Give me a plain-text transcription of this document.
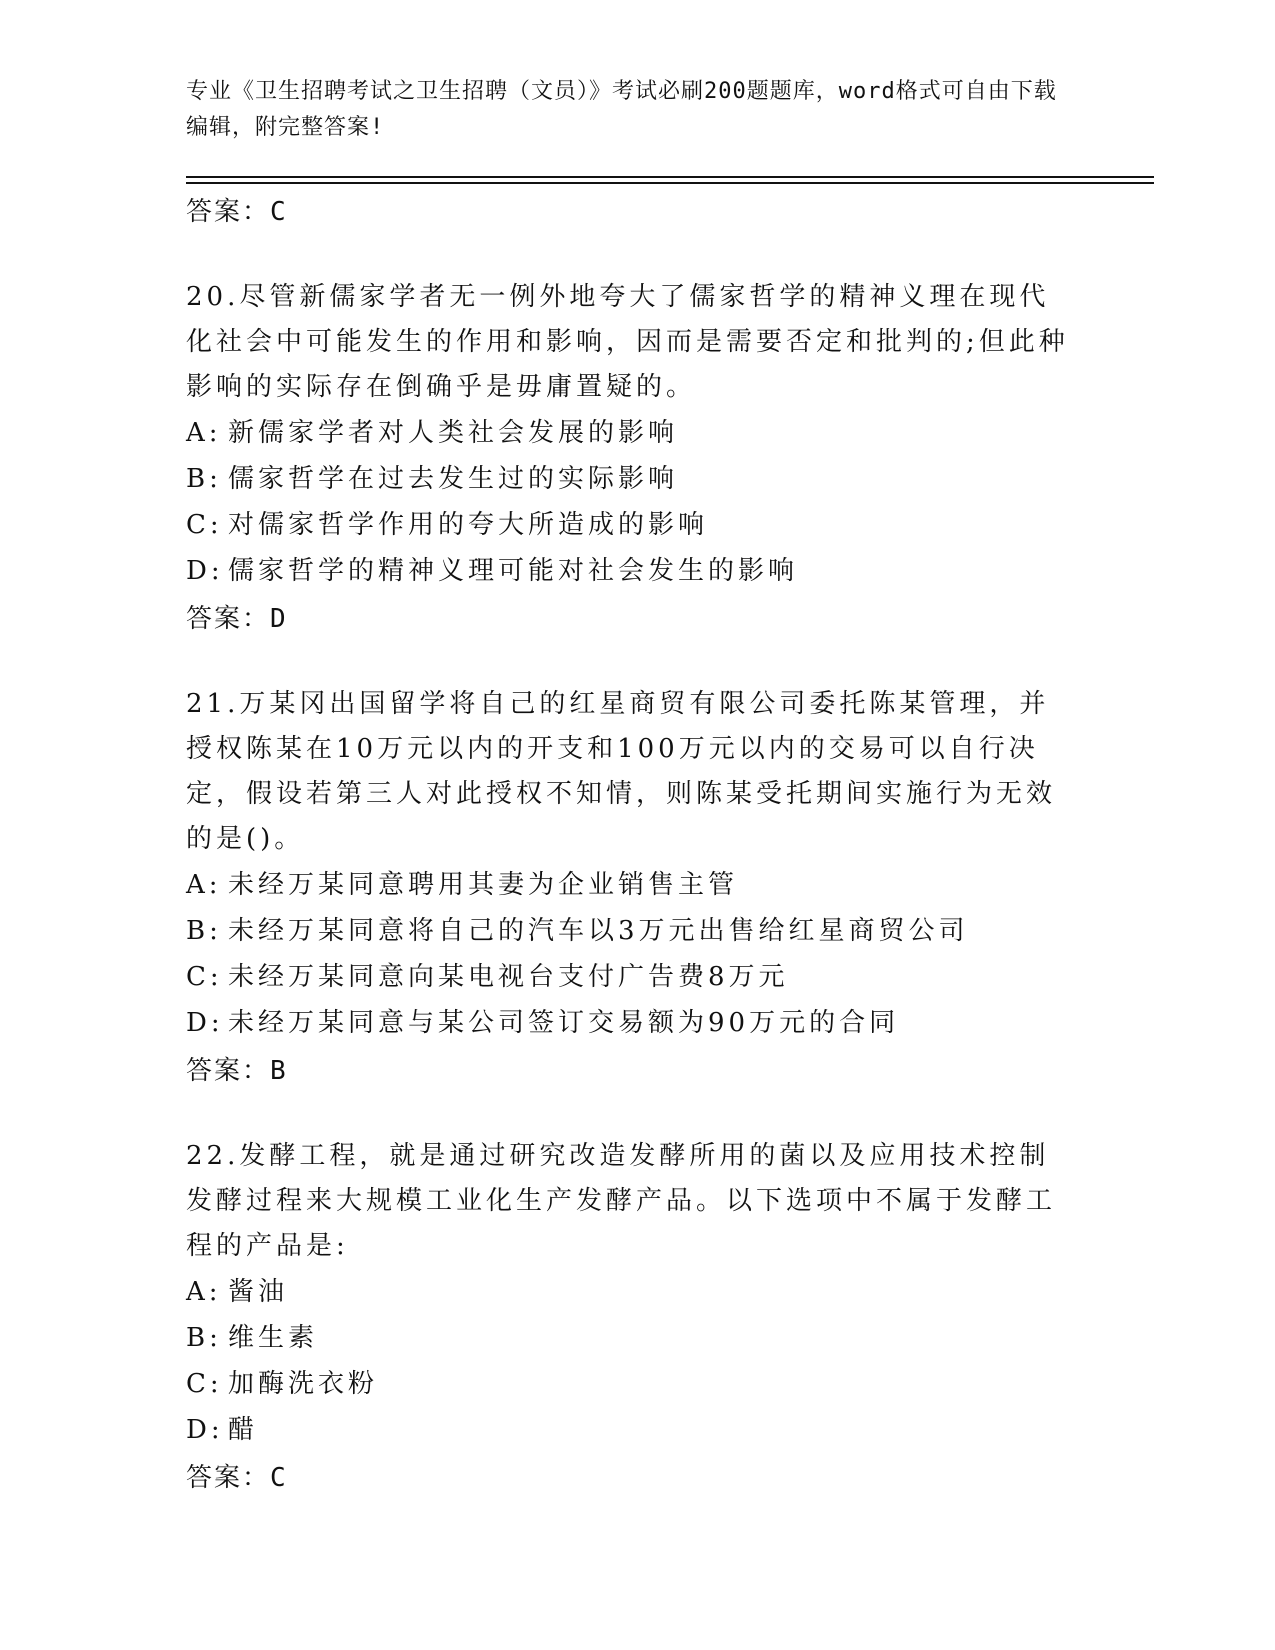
专业《卫生招聘考试之卫生招聘（文员）》考试必刷200题题库，word格式可自由下载编辑，附完整答案!
答案：C
20.尽管新儒家学者无一例外地夸大了儒家哲学的精神义理在现代化社会中可能发生的作用和影响，因而是需要否定和批判的;但此种影响的实际存在倒确乎是毋庸置疑的。
A: 新儒家学者对人类社会发展的影响
B: 儒家哲学在过去发生过的实际影响
C: 对儒家哲学作用的夸大所造成的影响
D: 儒家哲学的精神义理可能对社会发生的影响
答案：D
21.万某冈出国留学将自己的红星商贸有限公司委托陈某管理，并授权陈某在10万元以内的开支和100万元以内的交易可以自行决定，假设若第三人对此授权不知情，则陈某受托期间实施行为无效的是()。
A: 未经万某同意聘用其妻为企业销售主管
B: 未经万某同意将自己的汽车以3万元出售给红星商贸公司
C: 未经万某同意向某电视台支付广告费8万元
D: 未经万某同意与某公司签订交易额为90万元的合同
答案：B
22.发酵工程，就是通过研究改造发酵所用的菌以及应用技术控制发酵过程来大规模工业化生产发酵产品。以下选项中不属于发酵工程的产品是:
A: 酱油
B: 维生素
C: 加酶洗衣粉
D: 醋
答案：C
